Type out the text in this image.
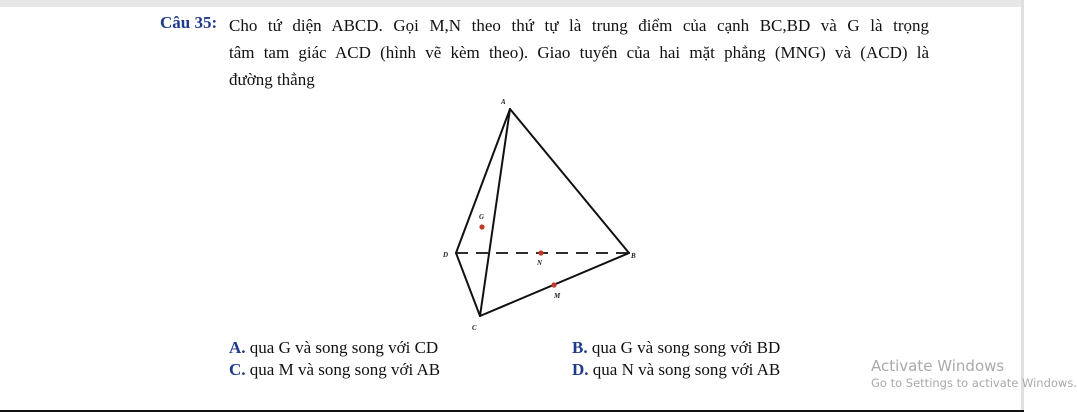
Câu 35: Cho tứ diện ABCD. Gọi M,N theo thứ tự là trung điểm của cạnh BC,BD và G là trọng
tâm tam giác ACD (hình vẽ kèm theo). Giao tuyến của hai mặt phẳng (MNG) và (ACD) là
đường thẳng
A
B
C
D
G
N
M
A. qua G và song song với CD	B. qua G và song song với BD
C. qua M và song song với AB	D. qua N và song song với AB	Activate Windows
Go to Settings to activate Windows.
